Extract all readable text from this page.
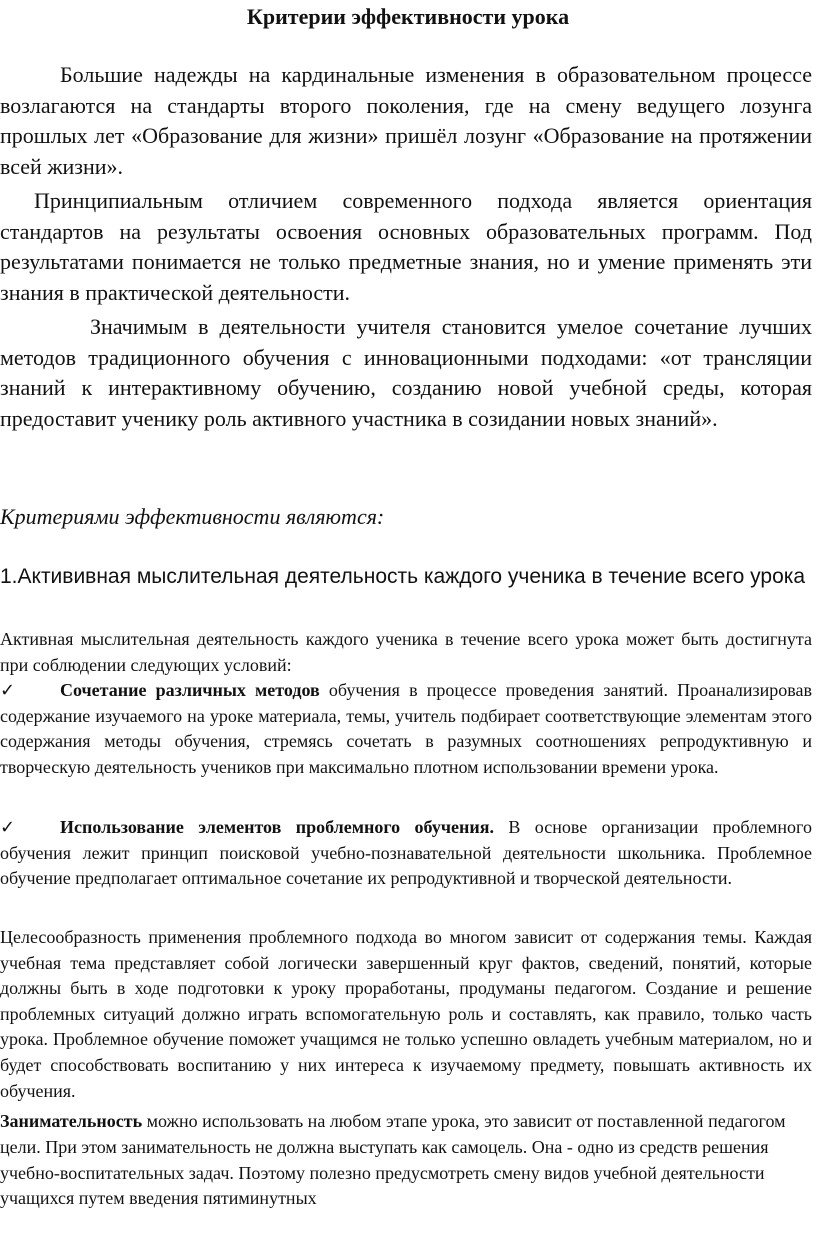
Критерии эффективности урока

Большие надежды на кардинальные изменения в образовательном процессе возлагаются на стандарты второго поколения, где на смену ведущего лозунга прошлых лет «Образование для жизни» пришёл лозунг «Образование на протяжении всей жизни».

Принципиальным отличием современного подхода является ориентация стандартов на результаты освоения основных образовательных программ. Под результатами понимается не только предметные знания, но и умение применять эти знания в практической деятельности.

Значимым в деятельности учителя становится умелое сочетание лучших методов традиционного обучения с инновационными подходами: «от трансляции знаний к интерактивному обучению, созданию новой учебной среды, которая предоставит ученику роль активного участника в созидании новых знаний».

Критериями эффективности являются:

1.Актививная мыслительная деятельность каждого ученика в течение всего урока

Активная мыслительная деятельность каждого ученика в течение всего урока может быть достигнута при соблюдении следующих условий:

✓ Сочетание различных методов обучения в процессе проведения занятий. Проанализировав содержание изучаемого на уроке материала, темы, учитель подбирает соответствующие элементам этого содержания методы обучения, стремясь сочетать в разумных соотношениях репродуктивную и творческую деятельность учеников при максимально плотном использовании времени урока.

✓ Использование элементов проблемного обучения. В основе организации проблемного обучения лежит принцип поисковой учебно-познавательной деятельности школьника. Проблемное обучение предполагает оптимальное сочетание их репродуктивной и творческой деятельности.

Целесообразность применения проблемного подхода во многом зависит от содержания темы. Каждая учебная тема представляет собой логически завершенный круг фактов, сведений, понятий, которые должны быть в ходе подготовки к уроку проработаны, продуманы педагогом. Создание и решение проблемных ситуаций должно играть вспомогательную роль и составлять, как правило, только часть урока. Проблемное обучение поможет учащимся не только успешно овладеть учебным материалом, но и будет способствовать воспитанию у них интереса к изучаемому предмету, повышать активность их обучения.

Занимательность можно использовать на любом этапе урока, это зависит от поставленной педагогом цели. При этом занимательность не должна выступать как самоцель. Она - одно из средств решения учебно-воспитательных задач. Поэтому полезно предусмотреть смену видов учебной деятельности учащихся путем введения пятиминутных
